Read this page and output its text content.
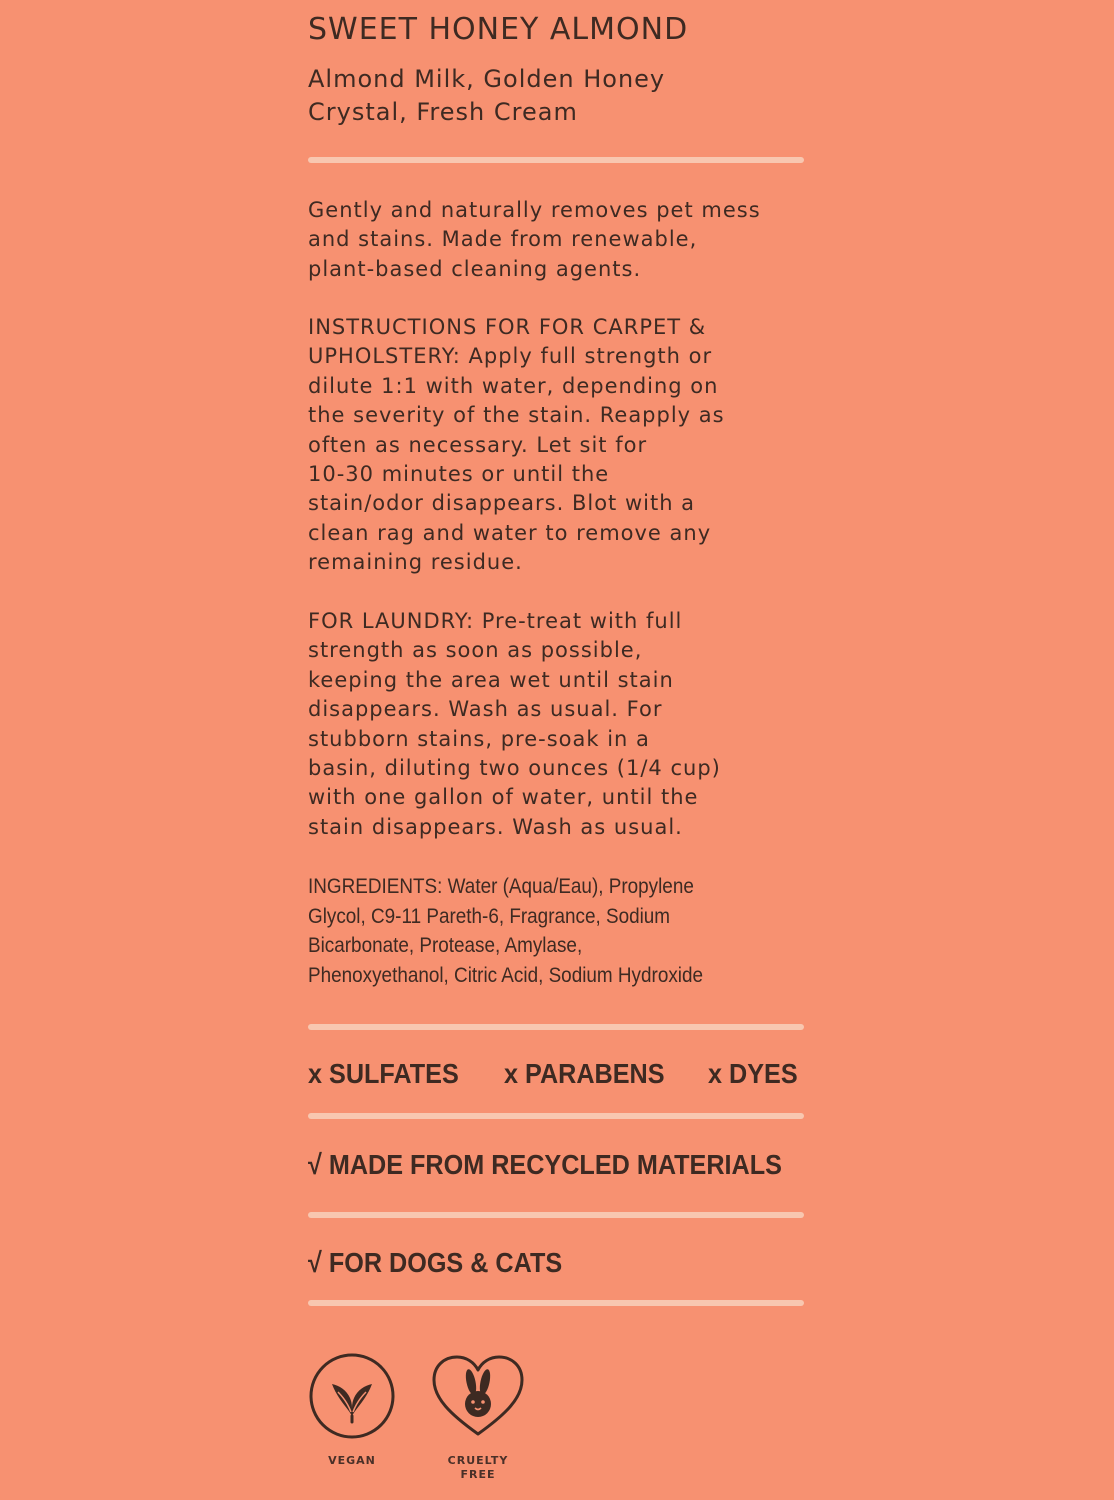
SWEET HONEY ALMOND
Almond Milk, Golden Honey
Crystal, Fresh Cream
Gently and naturally removes pet mess
and stains. Made from renewable,
plant-based cleaning agents.
INSTRUCTIONS FOR FOR CARPET &
UPHOLSTERY: Apply full strength or
dilute 1:1 with water, depending on
the severity of the stain. Reapply as
often as necessary. Let sit for
10-30 minutes or until the
stain/odor disappears. Blot with a
clean rag and water to remove any
remaining residue.
FOR LAUNDRY: Pre-treat with full
strength as soon as possible,
keeping the area wet until stain
disappears. Wash as usual. For
stubborn stains, pre-soak in a
basin, diluting two ounces (1/4 cup)
with one gallon of water, until the
stain disappears. Wash as usual.
INGREDIENTS: Water (Aqua/Eau), Propylene
Glycol, C9-11 Pareth-6, Fragrance, Sodium
Bicarbonate, Protease, Amylase,
Phenoxyethanol, Citric Acid, Sodium Hydroxide
x SULFATES x PARABENS x DYES
√ MADE FROM RECYCLED MATERIALS
√ FOR DOGS & CATS
VEGAN	CRUELTY
FREE
